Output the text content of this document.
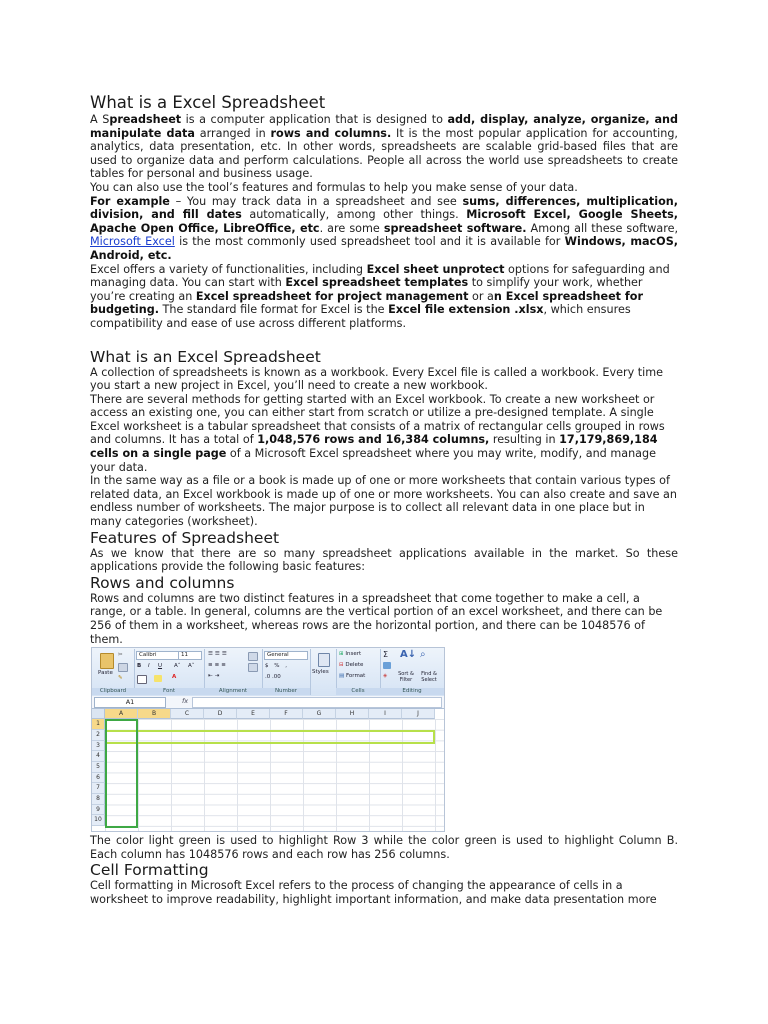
What is a Excel Spreadsheet

A Spreadsheet is a computer application that is designed to add, display, analyze, organize, and manipulate data arranged in rows and columns. It is the most popular application for accounting, analytics, data presentation, etc. In other words, spreadsheets are scalable grid-based files that are used to organize data and perform calculations. People all across the world use spreadsheets to create tables for personal and business usage.

You can also use the tool’s features and formulas to help you make sense of your data.

For example – You may track data in a spreadsheet and see sums, differences, multiplication, division, and fill dates automatically, among other things. Microsoft Excel, Google Sheets, Apache Open Office, LibreOffice, etc. are some spreadsheet software. Among all these software, Microsoft Excel is the most commonly used spreadsheet tool and it is available for Windows, macOS, Android, etc.

Excel offers a variety of functionalities, including Excel sheet unprotect options for safeguarding and managing data. You can start with Excel spreadsheet templates to simplify your work, whether you’re creating an Excel spreadsheet for project management or an Excel spreadsheet for budgeting. The standard file format for Excel is the Excel file extension .xlsx, which ensures compatibility and ease of use across different platforms.

What is an Excel Spreadsheet

A collection of spreadsheets is known as a workbook. Every Excel file is called a workbook. Every time you start a new project in Excel, you’ll need to create a new workbook.

There are several methods for getting started with an Excel workbook. To create a new worksheet or access an existing one, you can either start from scratch or utilize a pre-designed template. A single Excel worksheet is a tabular spreadsheet that consists of a matrix of rectangular cells grouped in rows and columns. It has a total of 1,048,576 rows and 16,384 columns, resulting in 17,179,869,184 cells on a single page of a Microsoft Excel spreadsheet where you may write, modify, and manage your data.

In the same way as a file or a book is made up of one or more worksheets that contain various types of related data, an Excel workbook is made up of one or more worksheets. You can also create and save an endless number of worksheets. The major purpose is to collect all relevant data in one place but in many categories (worksheet).

Features of Spreadsheet

As we know that there are so many spreadsheet applications available in the market. So these applications provide the following basic features:

Rows and columns

Rows and columns are two distinct features in a spreadsheet that come together to make a cell, a range, or a table. In general, columns are the vertical portion of an excel worksheet, and there can be 256 of them in a worksheet, whereas rows are the horizontal portion, and there can be 1048576 of them.

Paste
✂
✎
Clipboard
Calibri	11
B I U A˄ A˅
A
Font
☰☰☰
≡≡≡
⇤⇥
Alignment
General
$ % ,
.0 .00
Number
Styles
⊞ Insert
⊟ Delete
▤ Format
Cells
Σ
◈
A↓
Sort & Filter
⌕
Find & Select
Editing
A1	fx
A	B	C	D	E	F	G	H	I	J
1
2
3
4
5
6
7
8
9
10

The color light green is used to highlight Row 3 while the color green is used to highlight Column B. Each column has 1048576 rows and each row has 256 columns.

Cell Formatting

Cell formatting in Microsoft Excel refers to the process of changing the appearance of cells in a worksheet to improve readability, highlight important information, and make data presentation more
